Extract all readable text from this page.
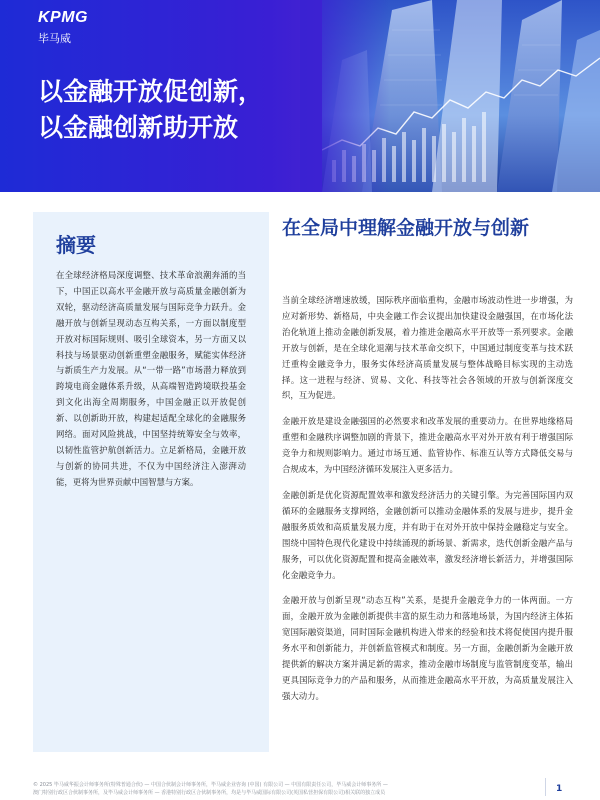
KPMG
毕马威
以金融开放促创新，
以金融创新助开放
摘要

在全球经济格局深度调整、技术革命浪潮奔涌的当下，中国正以高水平金融开放与高质量金融创新为双轮，驱动经济高质量发展与国际竞争力跃升。金融开放与创新呈现动态互构关系，一方面以制度型开放对标国际规则、吸引全球资本，另一方面又以科技与场景驱动创新重塑金融服务，赋能实体经济与新质生产力发展。从“一带一路”市场潜力释放到跨境电商金融体系升级，从高端智造跨境联投基金到文化出海全周期服务，中国金融正以开放促创新、以创新助开放，构建起适配全球化的金融服务网络。面对风险挑战，中国坚持统筹安全与效率，以韧性监管护航创新活力。立足新格局，金融开放与创新的协同共进，不仅为中国经济注入澎湃动能，更将为世界贡献中国智慧与方案。

在全局中理解金融开放与创新

当前全球经济增速放缓，国际秩序面临重构，金融市场波动性进一步增强，为应对新形势、新格局，中央金融工作会议提出加快建设金融强国，在市场化法治化轨道上推动金融创新发展，着力推进金融高水平开放等一系列要求。金融开放与创新，是在全球化退潮与技术革命交织下，中国通过制度变革与技术跃迁重构金融竞争力，服务实体经济高质量发展与整体战略目标实现的主动选择。这一进程与经济、贸易、文化、科技等社会各领域的开放与创新深度交织，互为促进。

金融开放是建设金融强国的必然要求和改革发展的重要动力。在世界地缘格局重塑和金融秩序调整加剧的背景下，推进金融高水平对外开放有利于增强国际竞争力和规则影响力。通过市场互通、监管协作、标准互认等方式降低交易与合规成本，为中国经济循环发展注入更多活力。

金融创新是优化资源配置效率和激发经济活力的关键引擎。为完善国际国内双循环的金融服务支撑网络，金融创新可以推动金融体系的发展与进步，提升金融服务质效和高质量发展力度，并有助于在对外开放中保持金融稳定与安全。围绕中国特色现代化建设中持续涌现的新场景、新需求，迭代创新金融产品与服务，可以优化资源配置和提高金融效率，激发经济增长新活力，并增强国际化金融竞争力。

金融开放与创新呈现“动态互构”关系，是提升金融竞争力的一体两面。一方面，金融开放为金融创新提供丰富的原生动力和落地场景，为国内经济主体拓宽国际融资渠道，同时国际金融机构进入带来的经验和技术将促使国内提升服务水平和创新能力，并创新监管模式和制度。另一方面，金融创新为金融开放提供新的解决方案并满足新的需求，推动金融市场制度与监管制度变革，输出更具国际竞争力的产品和服务，从而推进金融高水平开放，为高质量发展注入强大动力。

© 2025 毕马威华振会计师事务所(特殊普通合伙) — 中国合伙制会计师事务所，毕马威企业咨询 (中国) 有限公司 — 中国有限责任公司，毕马威会计师事务所 —
澳门特别行政区合伙制事务所，及毕马威会计师事务所 — 香港特别行政区合伙制事务所，均是与毕马威国际有限公司(英国私营担保有限公司)相关联的独立成员	1
